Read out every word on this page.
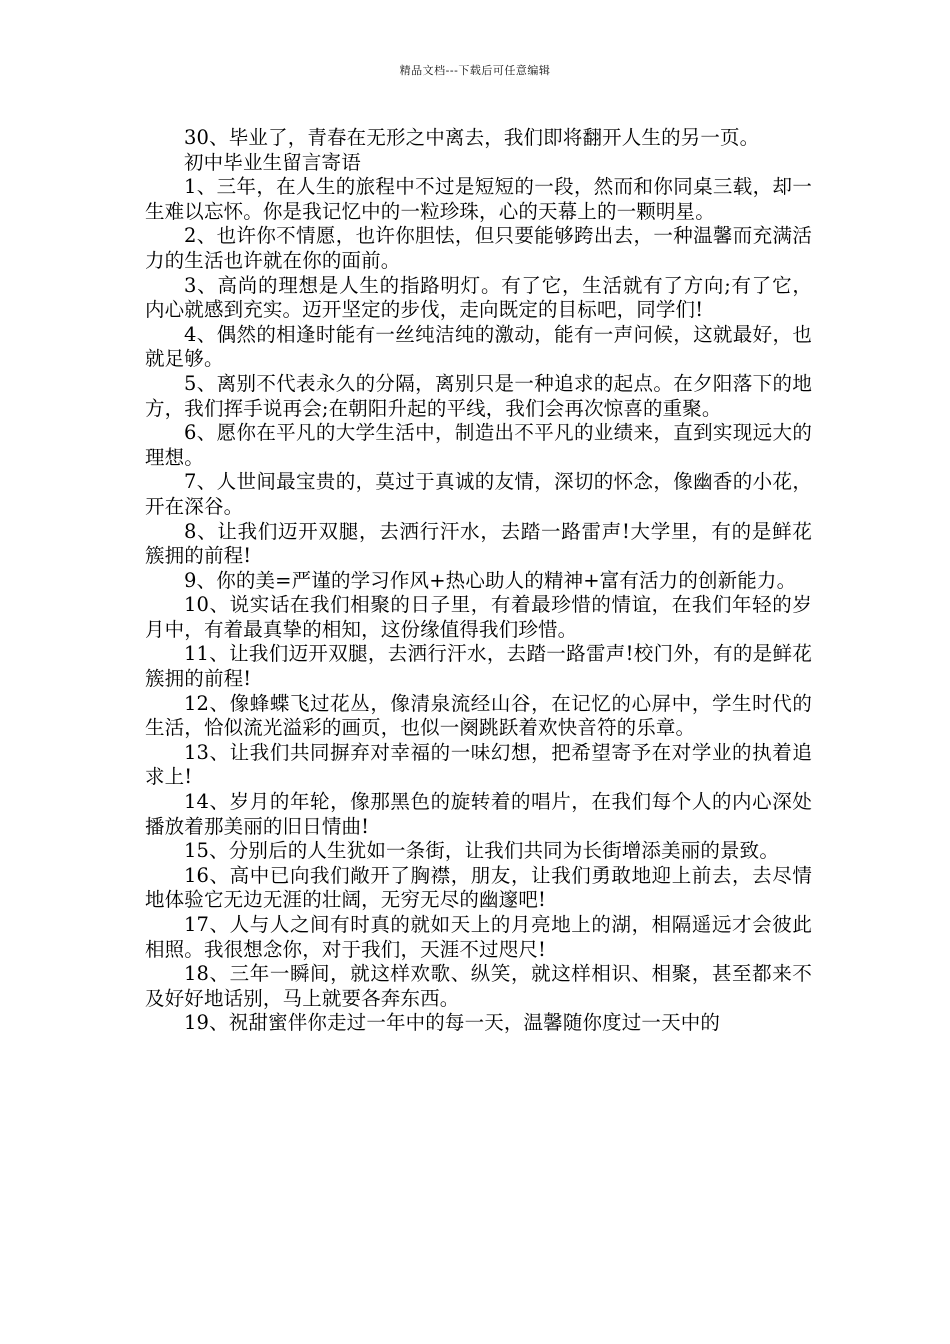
精品文档---下载后可任意编辑

30、毕业了，青春在无形之中离去，我们即将翻开人生的另一页。

初中毕业生留言寄语

1、三年，在人生的旅程中不过是短短的一段，然而和你同桌三载，却一生难以忘怀。你是我记忆中的一粒珍珠，心的天幕上的一颗明星。

2、也许你不情愿，也许你胆怯，但只要能够跨出去，一种温馨而充满活力的生活也许就在你的面前。

3、高尚的理想是人生的指路明灯。有了它，生活就有了方向;有了它，内心就感到充实。迈开坚定的步伐，走向既定的目标吧，同学们!

4、偶然的相逢时能有一丝纯洁纯的激动，能有一声问候，这就最好，也就足够。

5、离别不代表永久的分隔，离别只是一种追求的起点。在夕阳落下的地方，我们挥手说再会;在朝阳升起的平线，我们会再次惊喜的重聚。

6、愿你在平凡的大学生活中，制造出不平凡的业绩来，直到实现远大的理想。

7、人世间最宝贵的，莫过于真诚的友情，深切的怀念，像幽香的小花，开在深谷。

8、让我们迈开双腿，去洒行汗水，去踏一路雷声!大学里，有的是鲜花簇拥的前程!

9、你的美=严谨的学习作风+热心助人的精神+富有活力的创新能力。

10、说实话在我们相聚的日子里，有着最珍惜的情谊，在我们年轻的岁月中，有着最真挚的相知，这份缘值得我们珍惜。

11、让我们迈开双腿，去洒行汗水，去踏一路雷声!校门外，有的是鲜花簇拥的前程!

12、像蜂蝶飞过花丛，像清泉流经山谷，在记忆的心屏中，学生时代的生活，恰似流光溢彩的画页，也似一阕跳跃着欢快音符的乐章。

13、让我们共同摒弃对幸福的一味幻想，把希望寄予在对学业的执着追求上!

14、岁月的年轮，像那黑色的旋转着的唱片，在我们每个人的内心深处播放着那美丽的旧日情曲!

15、分别后的人生犹如一条街，让我们共同为长街增添美丽的景致。

16、高中已向我们敞开了胸襟，朋友，让我们勇敢地迎上前去，去尽情地体验它无边无涯的壮阔，无穷无尽的幽邃吧!

17、人与人之间有时真的就如天上的月亮地上的湖，相隔遥远才会彼此相照。我很想念你，对于我们，天涯不过咫尺!

18、三年一瞬间，就这样欢歌、纵笑，就这样相识、相聚，甚至都来不及好好地话别，马上就要各奔东西。

19、祝甜蜜伴你走过一年中的每一天，温馨随你度过一天中的
